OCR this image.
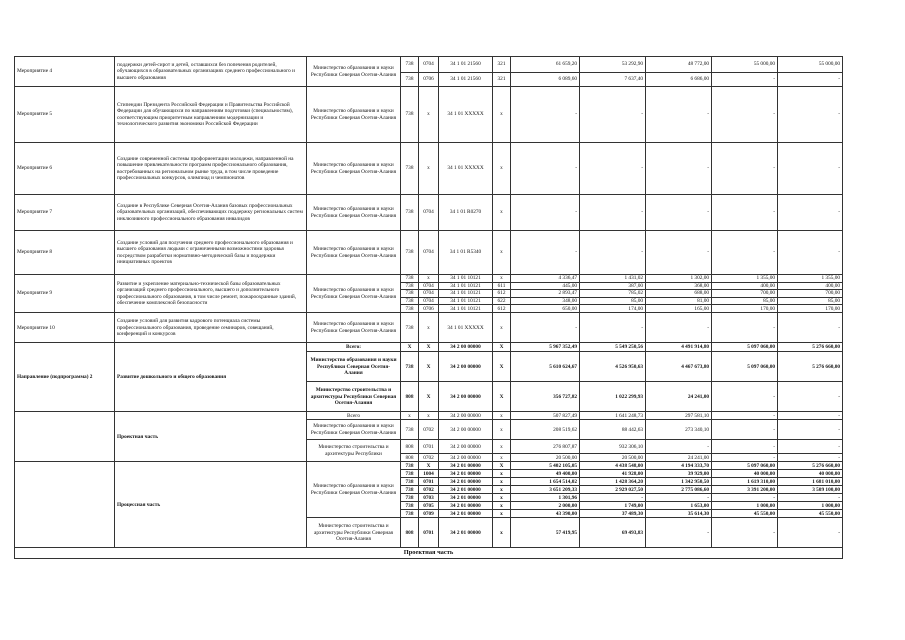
Мероприятие 4	поддержки детей-сирот и детей, оставшихся без попечения родителей, обучающихся в образовательных организациях среднего профессионального и высшего образования	Министерство образования и науки Республики Северная Осетия-Алания	738	0704	34 1 01 21560	321	61 659,20	53 292,90	48 772,00	55 000,00	55 000,00
			738	0706	34 1 01 21560	321	6 089,60	7 637,40	6 686,00	-	-
Мероприятие 5	Стипендии Президента Российской Федерации и Правительства Российской Федерации для обучающихся по направлениям подготовки (специальностям), соответствующим приоритетным направлениям модернизации и технологического развития экономики Российской Федерации	Министерство образования и науки Республики Северная Осетия-Алания	738	х	34 1 01 ХХХХХ	х	-	-	-	-	-
Мероприятие 6	Создание современной системы профориентации молодежи, направленной на повышение привлекательности программ профессионального образования, востребованных на региональном рынке труда, в том числе проведение профессиональных конкурсов, олимпиад и чемпионатов	Министерство образования и науки Республики Северная Осетия-Алания	738	х	34 1 01 ХХХХХ	х	-	-	-	-	-
Мероприятие 7	Создание в Республике Северная Осетия-Алания базовых профессиональных образовательных организаций, обеспечивающих поддержку региональных систем инклюзивного профессионального образования инвалидов	Министерство образования и науки Республики Северная Осетия-Алания	738	0704	34 1 01 R0270	х	-	-	-	-	-
Мероприятие 8	Создание условий для получения среднего профессионального образования и высшего образования людьми с ограниченными возможностями здоровья посредством разработки нормативно-методической базы и поддержки инициативных проектов	Министерство образования и науки Республики Северная Осетия-Алания	738	0704	34 1 01 R5340	х	-	-	-	-	-
Мероприятие 9	Развитие и укрепление материально-технической базы образовательных организаций среднего профессионального, высшего и дополнительного профессионального образования, в том числе ремонт, пожароохранные зданий, обеспечение комплексной безопасности	Министерство образования и науки Республики Северная Осетия-Алания	738	х	34 1 01 10121	х	4 336,47	1 431,02	1 302,00	1 355,00	1 355,00
			738	0704	34 1 01 10121	611	445,00	387,00	368,00	400,00	400,00
			738	0704	34 1 01 10121	612	2 893,47	785,02	688,00	700,00	700,00
			738	0704	34 1 01 10121	622	348,00	85,00	81,00	85,00	85,00
			738	0706	34 1 01 10121	612	650,00	174,00	165,00	170,00	170,00
Мероприятие 10	Создание условий для развития кадрового потенциала системы профессионального образования, проведение семинаров, совещаний, конференций и конкурсов	Министерство образования и науки Республики Северная Осетия-Алания	738	х	34 1 01 ХХХХХ	х	-	-	-	-	-
Направление (подпрограмма) 2	Развитие дошкольного и общего образования	Всего:	Х	Х	34 2 00 00000	Х	5 967 352,49	5 549 250,56	4 491 914,80	5 097 060,00	5 276 660,00
		Министерство образования и науки Республики Северная Осетия-Алания	738	Х	34 2 00 00000	Х	5 610 624,67	4 526 950,63	4 467 673,80	5 097 060,00	5 276 660,00
		Министерство строительства и архитектуры Республики Северная Осетия-Алания	808	Х	34 2 00 00000	Х	356 727,82	1 022 299,93	24 241,00	-	-
	Проектная часть	Всего	х	х	34 2 00 00000	х	507 827,49	1 641 248,73	297 581,10	-	-
		Министерство образования и науки Республики Северная Осетия-Алания	738	0702	34 2 00 00000	х	208 519,62	88 442,63	273 340,10	-	-
		Министерство строительства и архитектуры Республики	808	0701	34 2 00 00000	х	276 807,87	932 306,10	-	-	-
			808	0702	34 2 00 00000	х	20 500,00	20 500,00	24 241,00	-	-
	Процессная часть	Министерство образования и науки Республики Северная Осетия-Алания	738	Х	34 2 01 00000	Х	5 402 105,05	4 438 548,00	4 194 333,70	5 097 060,00	5 276 660,00
			738	1004	34 2 01 00000	х	49 400,00	41 928,00	39 929,00	40 000,00	40 000,00
			738	0701	34 2 01 00000	х	1 654 514,02	1 428 364,20	1 342 950,50	1 619 310,00	1 681 010,00
			738	0702	34 2 01 00000	х	3 651 209,33	2 929 027,50	2 775 086,60	3 391 200,00	3 509 100,00
			738	0703	34 2 01 00000	х	1 301,96	-	-	-	-
			738	0705	34 2 01 00000	х	2 000,00	1 749,00	1 653,00	1 000,00	1 000,00
			738	0709	34 2 01 00000	х	43 390,00	37 489,30	35 614,30	45 550,00	45 550,00
		Министерство строительства и архитектуры Республики Северная Осетия-Алания	808	0701	34 2 01 00000	х	57 419,95	69 493,83	-	-	-
Проектная часть											
